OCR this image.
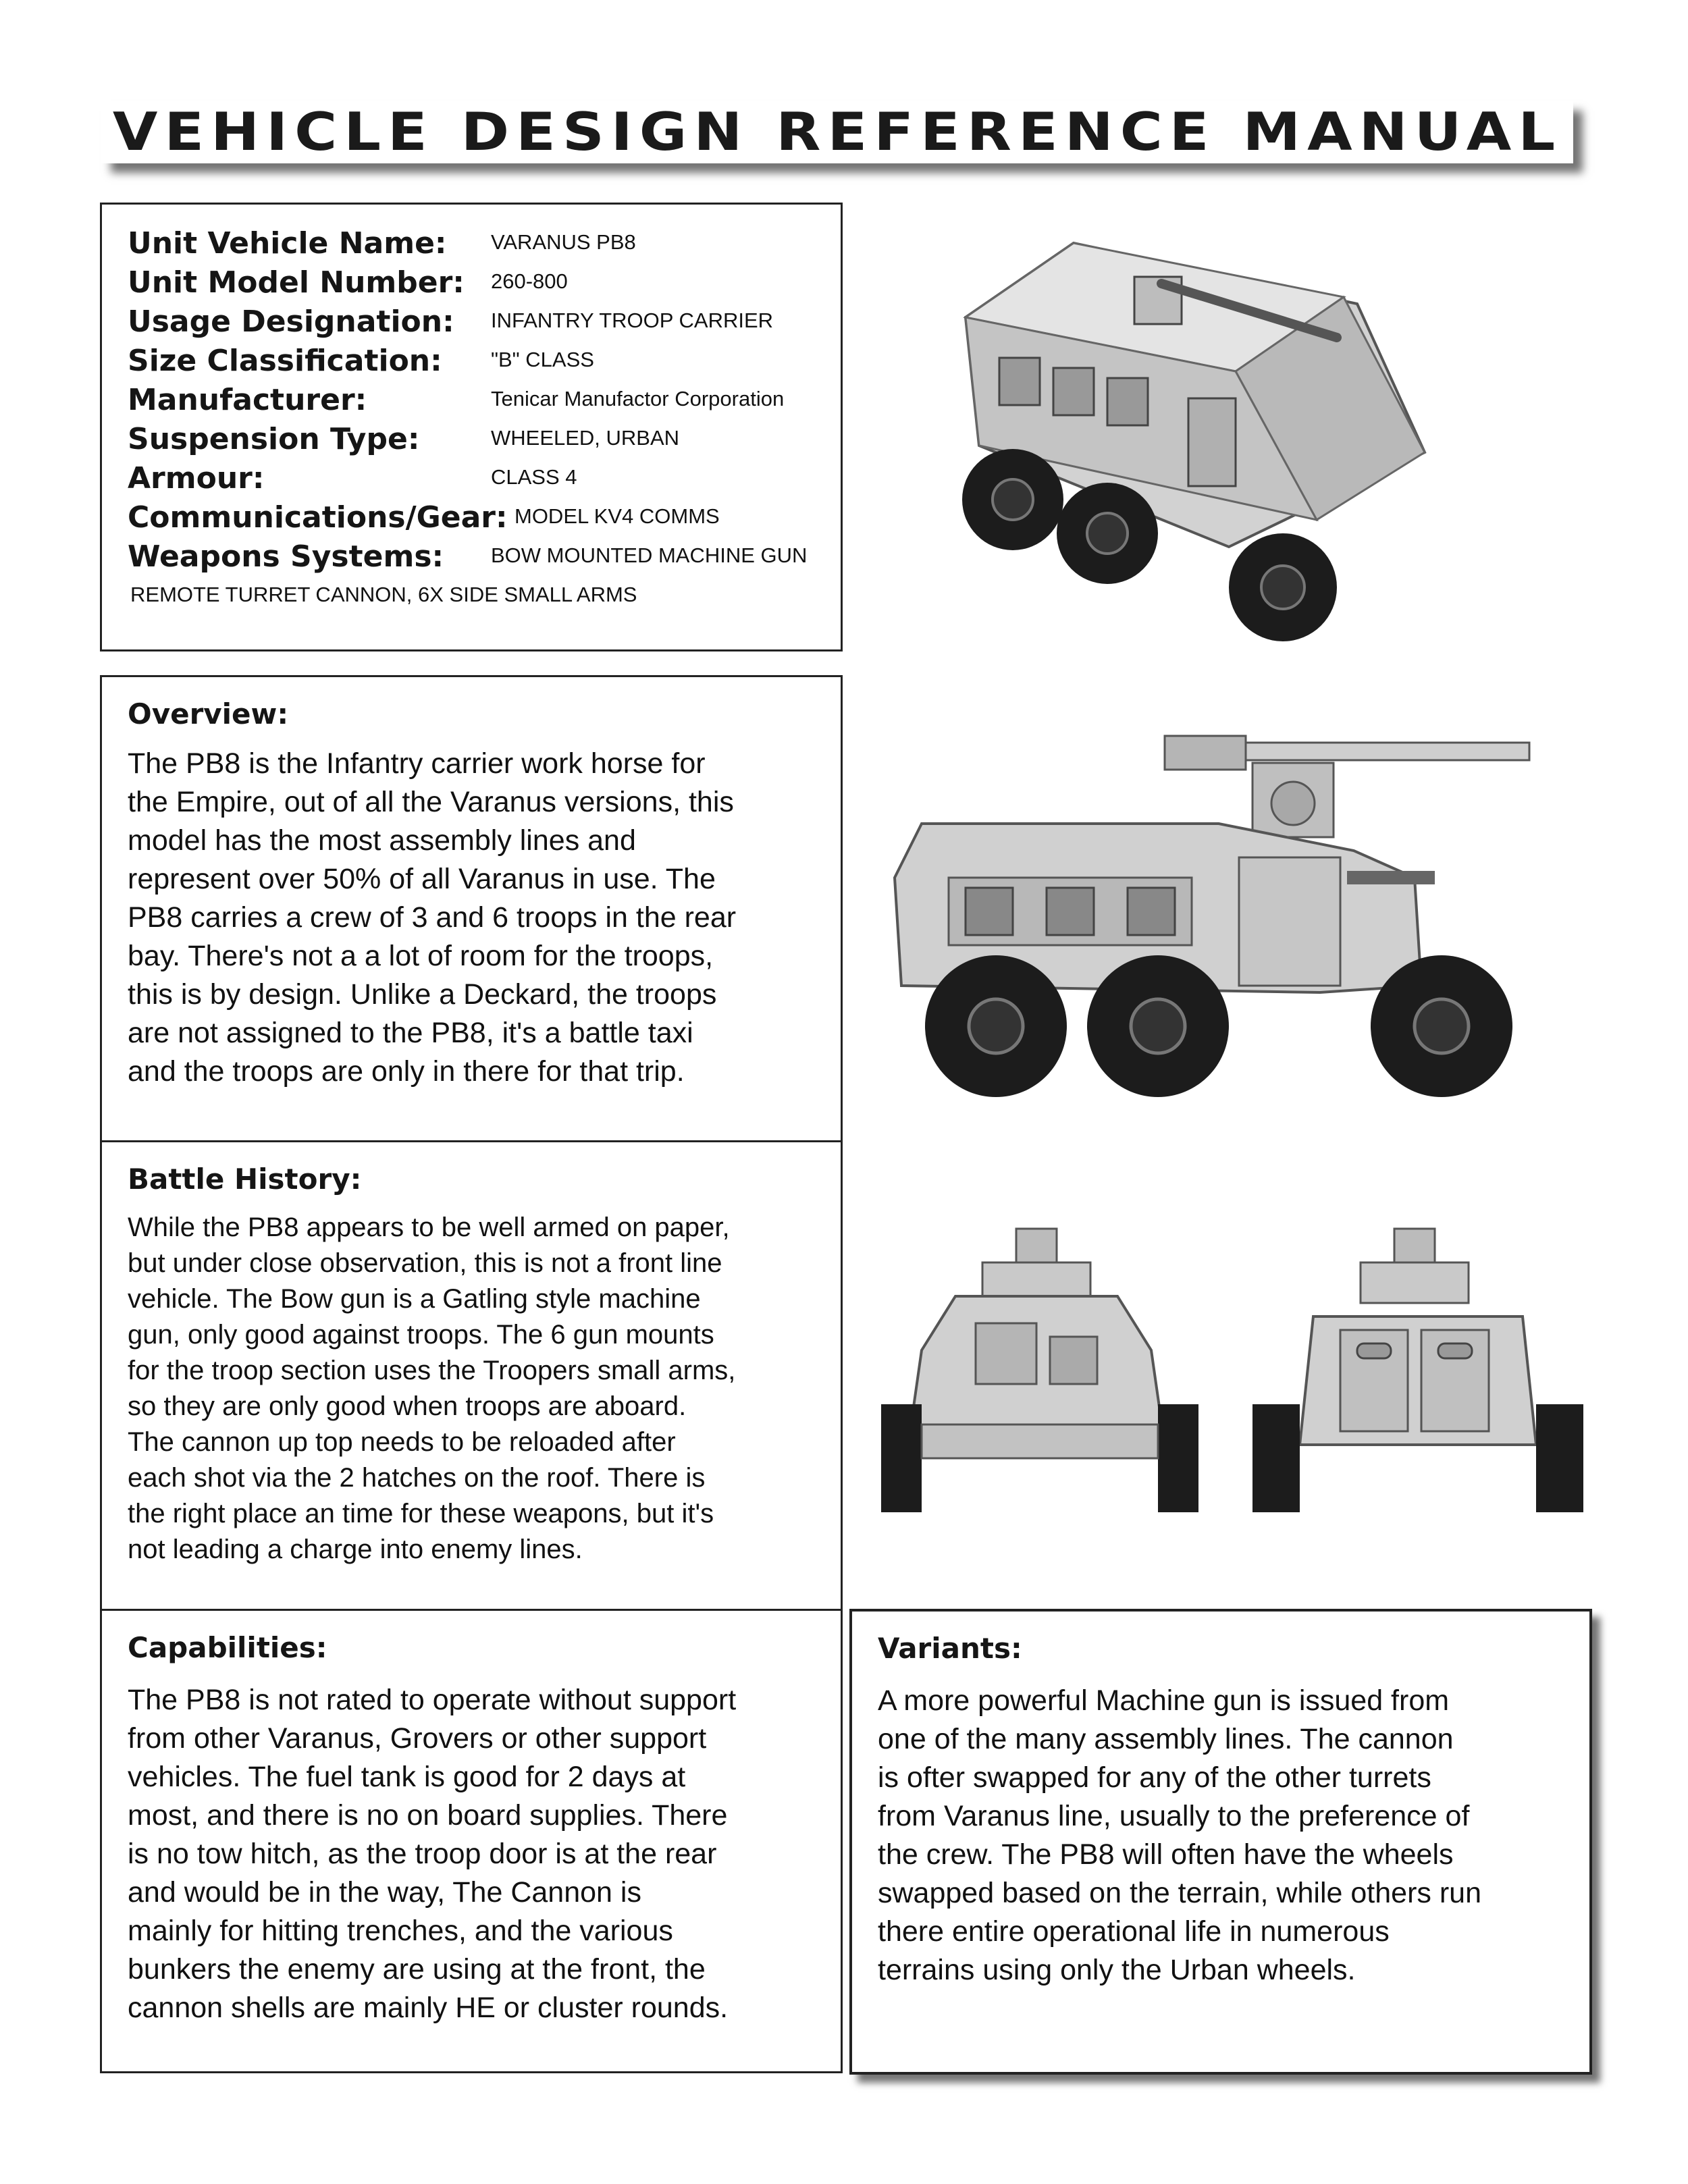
VEHICLE DESIGN REFERENCE MANUAL
Unit Vehicle Name: VARANUS PB8
Unit Model Number: 260-800
Usage Designation: INFANTRY TROOP CARRIER
Size Classification: "B" CLASS
Manufacturer:	Tenicar Manufactor Corporation
Suspension Type:	WHEELED, URBAN
Armour:	CLASS 4
Communications/Gear: MODEL KV4 COMMS
Weapons Systems: BOW MOUNTED MACHINE GUN
REMOTE TURRET CANNON, 6X SIDE SMALL ARMS
Overview:
The PB8 is the Infantry carrier work horse for
the Empire, out of all the Varanus versions, this
model has the most assembly lines and
represent over 50% of all Varanus in use. The
PB8 carries a crew of 3 and 6 troops in the rear
bay. There's not a a lot of room for the troops,
this is by design. Unlike a Deckard, the troops
are not assigned to the PB8, it's a battle taxi
and the troops are only in there for that trip.
Battle History:
While the PB8 appears to be well armed on paper,
but under close observation, this is not a front line
vehicle. The Bow gun is a Gatling style machine
gun, only good against troops. The 6 gun mounts
for the troop section uses the Troopers small arms,
so they are only good when troops are aboard.
The cannon up top needs to be reloaded after
each shot via the 2 hatches on the roof. There is
the right place an time for these weapons, but it's
not leading a charge into enemy lines.
Capabilities:
The PB8 is not rated to operate without support
from other Varanus, Grovers or other support
vehicles. The fuel tank is good for 2 days at
most, and there is no on board supplies. There
is no tow hitch, as the troop door is at the rear
and would be in the way, The Cannon is
mainly for hitting trenches, and the various
bunkers the enemy are using at the front, the
cannon shells are mainly HE or cluster rounds.
Variants:
A more powerful Machine gun is issued from
one of the many assembly lines. The cannon
is ofter swapped for any of the other turrets
from Varanus line, usually to the preference of
the crew. The PB8 will often have the wheels
swapped based on the terrain, while others run
there entire operational life in numerous
terrains using only the Urban wheels.
